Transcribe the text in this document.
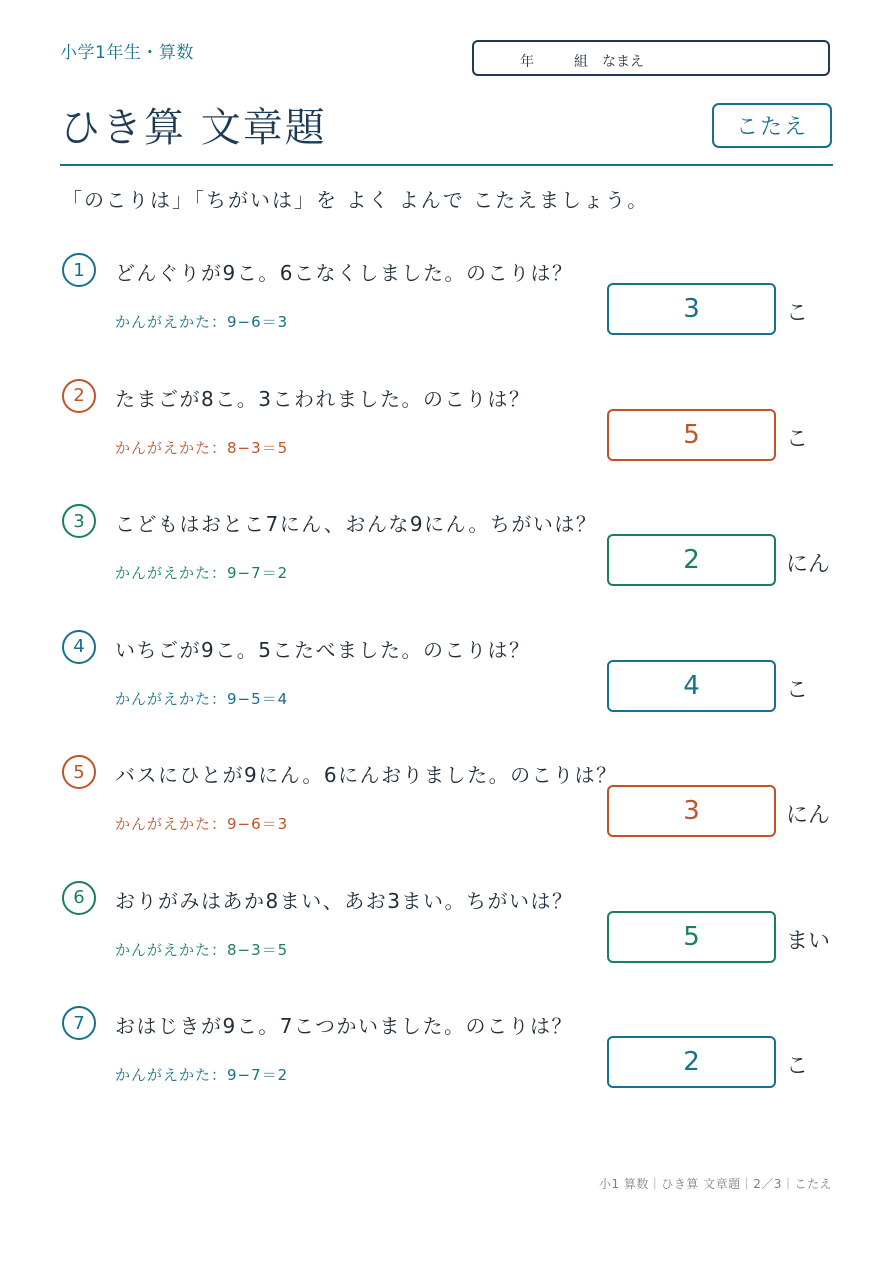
小学1年生・算数	年	組 なまえ
ひき算 文章題	こたえ
「のこりは」「ちがいは」を よく よんで こたえましょう。
1	どんぐりが9こ。6こなくしました。のこりは？
かんがえかた：9−6＝3	3	こ
2	たまごが8こ。3こわれました。のこりは？
かんがえかた：8−3＝5	5	こ
3	こどもはおとこ7にん、おんな9にん。ちがいは？
かんがえかた：9−7＝2	2	にん
4	いちごが9こ。5こたべました。のこりは？
かんがえかた：9−5＝4	4	こ
5	バスにひとが9にん。6にんおりました。のこりは？
かんがえかた：9−6＝3	3	にん
6	おりがみはあか8まい、あお3まい。ちがいは？
かんがえかた：8−3＝5	5	まい
7	おはじきが9こ。7こつかいました。のこりは？
かんがえかた：9−7＝2	2	こ
小1 算数｜ひき算 文章題｜2／3｜こたえ
